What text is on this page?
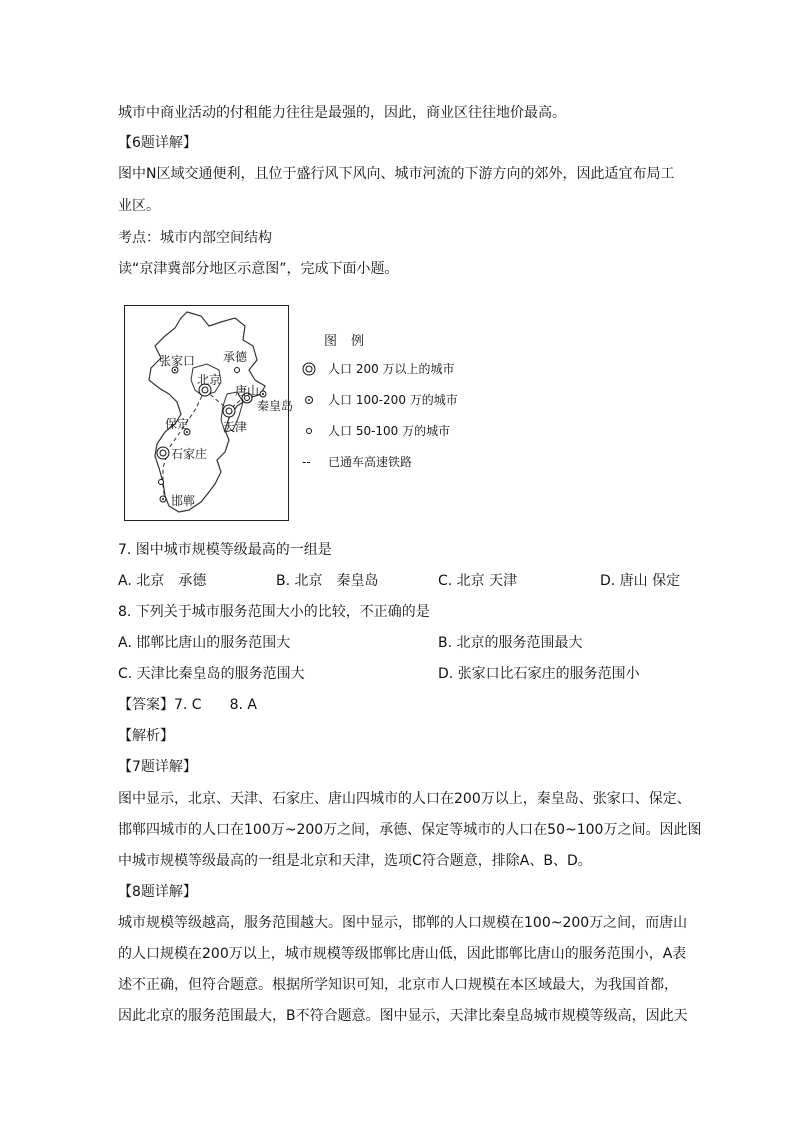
城市中商业活动的付租能力往往是最强的，因此，商业区往往地价最高。
【6题详解】
图中N区域交通便利，且位于盛行风下风向、城市河流的下游方向的郊外，因此适宜布局工
业区。
考点：城市内部空间结构
读“京津冀部分地区示意图”，完成下面小题。
张家口 承德
北京
唐山
秦皇岛
保定	天津
石家庄
邯郸
图例
人口 200 万以上的城市
人口 100-200 万的城市
人口 50-100 万的城市
--	已通车高速铁路
7. 图中城市规模等级最高的一组是
A. 北京　承德	B. 北京　秦皇岛	C. 北京 天津	D. 唐山 保定
8. 下列关于城市服务范围大小的比较，不正确的是
A. 邯郸比唐山的服务范围大	B. 北京的服务范围最大
C. 天津比秦皇岛的服务范围大	D. 张家口比石家庄的服务范围小
【答案】7. C　　8. A
【解析】
【7题详解】
图中显示，北京、天津、石家庄、唐山四城市的人口在200万以上，秦皇岛、张家口、保定、
邯郸四城市的人口在100万~200万之间，承德、保定等城市的人口在50~100万之间。因此图
中城市规模等级最高的一组是北京和天津，选项C符合题意，排除A、B、D。
【8题详解】
城市规模等级越高，服务范围越大。图中显示，邯郸的人口规模在100~200万之间，而唐山
的人口规模在200万以上，城市规模等级邯郸比唐山低，因此邯郸比唐山的服务范围小，A表
述不正确，但符合题意。根据所学知识可知，北京市人口规模在本区域最大，为我国首都，
因此北京的服务范围最大，B不符合题意。图中显示，天津比秦皇岛城市规模等级高，因此天
